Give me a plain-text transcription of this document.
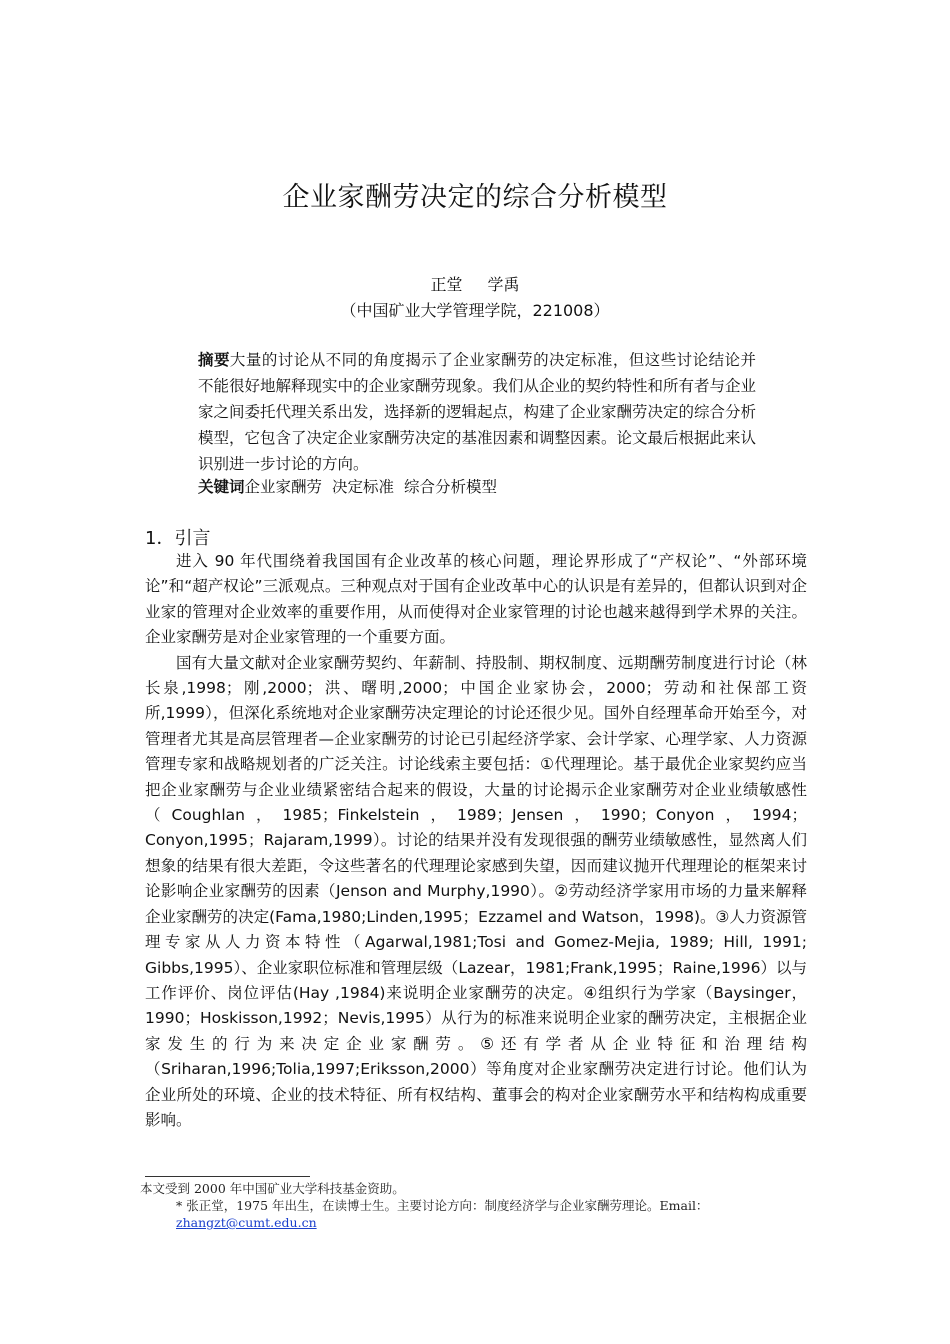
企业家酬劳决定的综合分析模型
正堂 学禹
（中国矿业大学管理学院，221008）
摘要大量的讨论从不同的角度揭示了企业家酬劳的决定标准，但这些讨论结论并不能很好地解释现实中的企业家酬劳现象。我们从企业的契约特性和所有者与企业家之间委托代理关系出发，选择新的逻辑起点，构建了企业家酬劳决定的综合分析模型，它包含了决定企业家酬劳决定的基准因素和调整因素。论文最后根据此来认识别进一步讨论的方向。
关键词企业家酬劳 决定标准 综合分析模型
1．引言

进入 90 年代围绕着我国国有企业改革的核心问题，理论界形成了“产权论”、“外部环境论”和“超产权论”三派观点。三种观点对于国有企业改革中心的认识是有差异的，但都认识到对企业家的管理对企业效率的重要作用，从而使得对企业家管理的讨论也越来越得到学术界的关注。企业家酬劳是对企业家管理的一个重要方面。

国有大量文献对企业家酬劳契约、年薪制、持股制、期权制度、远期酬劳制度进行讨论（林长泉,1998；刚,2000；洪、曙明,2000；中国企业家协会，2000；劳动和社保部工资所,1999），但深化系统地对企业家酬劳决定理论的讨论还很少见。国外自经理革命开始至今，对管理者尤其是高层管理者—企业家酬劳的讨论已引起经济学家、会计学家、心理学家、人力资源管理专家和战略规划者的广泛关注。讨论线索主要包括：①代理理论。基于最优企业家契约应当把企业家酬劳与企业业绩紧密结合起来的假设，大量的讨论揭示企业家酬劳对企业业绩敏感性（Coughlan，1985；Finkelstein，1989；Jensen，1990；Conyon，1994；Conyon,1995；Rajaram,1999）。讨论的结果并没有发现很强的酬劳业绩敏感性，显然离人们想象的结果有很大差距，令这些著名的代理理论家感到失望，因而建议抛开代理理论的框架来讨论影响企业家酬劳的因素（Jenson and Murphy,1990）。②劳动经济学家用市场的力量来解释企业家酬劳的决定(Fama,1980;Linden,1995；Ezzamel and Watson，1998)。③人力资源管理专家从人力资本特性（Agarwal,1981;Tosi and Gomez-Mejia, 1989; Hill, 1991; Gibbs,1995）、企业家职位标准和管理层级（Lazear，1981;Frank,1995；Raine,1996）以与工作评价、岗位评估(Hay ,1984)来说明企业家酬劳的决定。④组织行为学家（Baysinger，1990；Hoskisson,1992；Nevis,1995）从行为的标准来说明企业家的酬劳决定，主根据企业家发生的行为来决定企业家酬劳。⑤还有学者从企业特征和治理结构（Sriharan,1996;Tolia,1997;Eriksson,2000）等角度对企业家酬劳决定进行讨论。他们认为企业所处的环境、企业的技术特征、所有权结构、董事会的构对企业家酬劳水平和结构构成重要影响。

本文受到 2000 年中国矿业大学科技基金资助。

* 张正堂，1975 年出生，在读博士生。主要讨论方向：制度经济学与企业家酬劳理论。Email：

zhangzt@cumt.edu.cn
